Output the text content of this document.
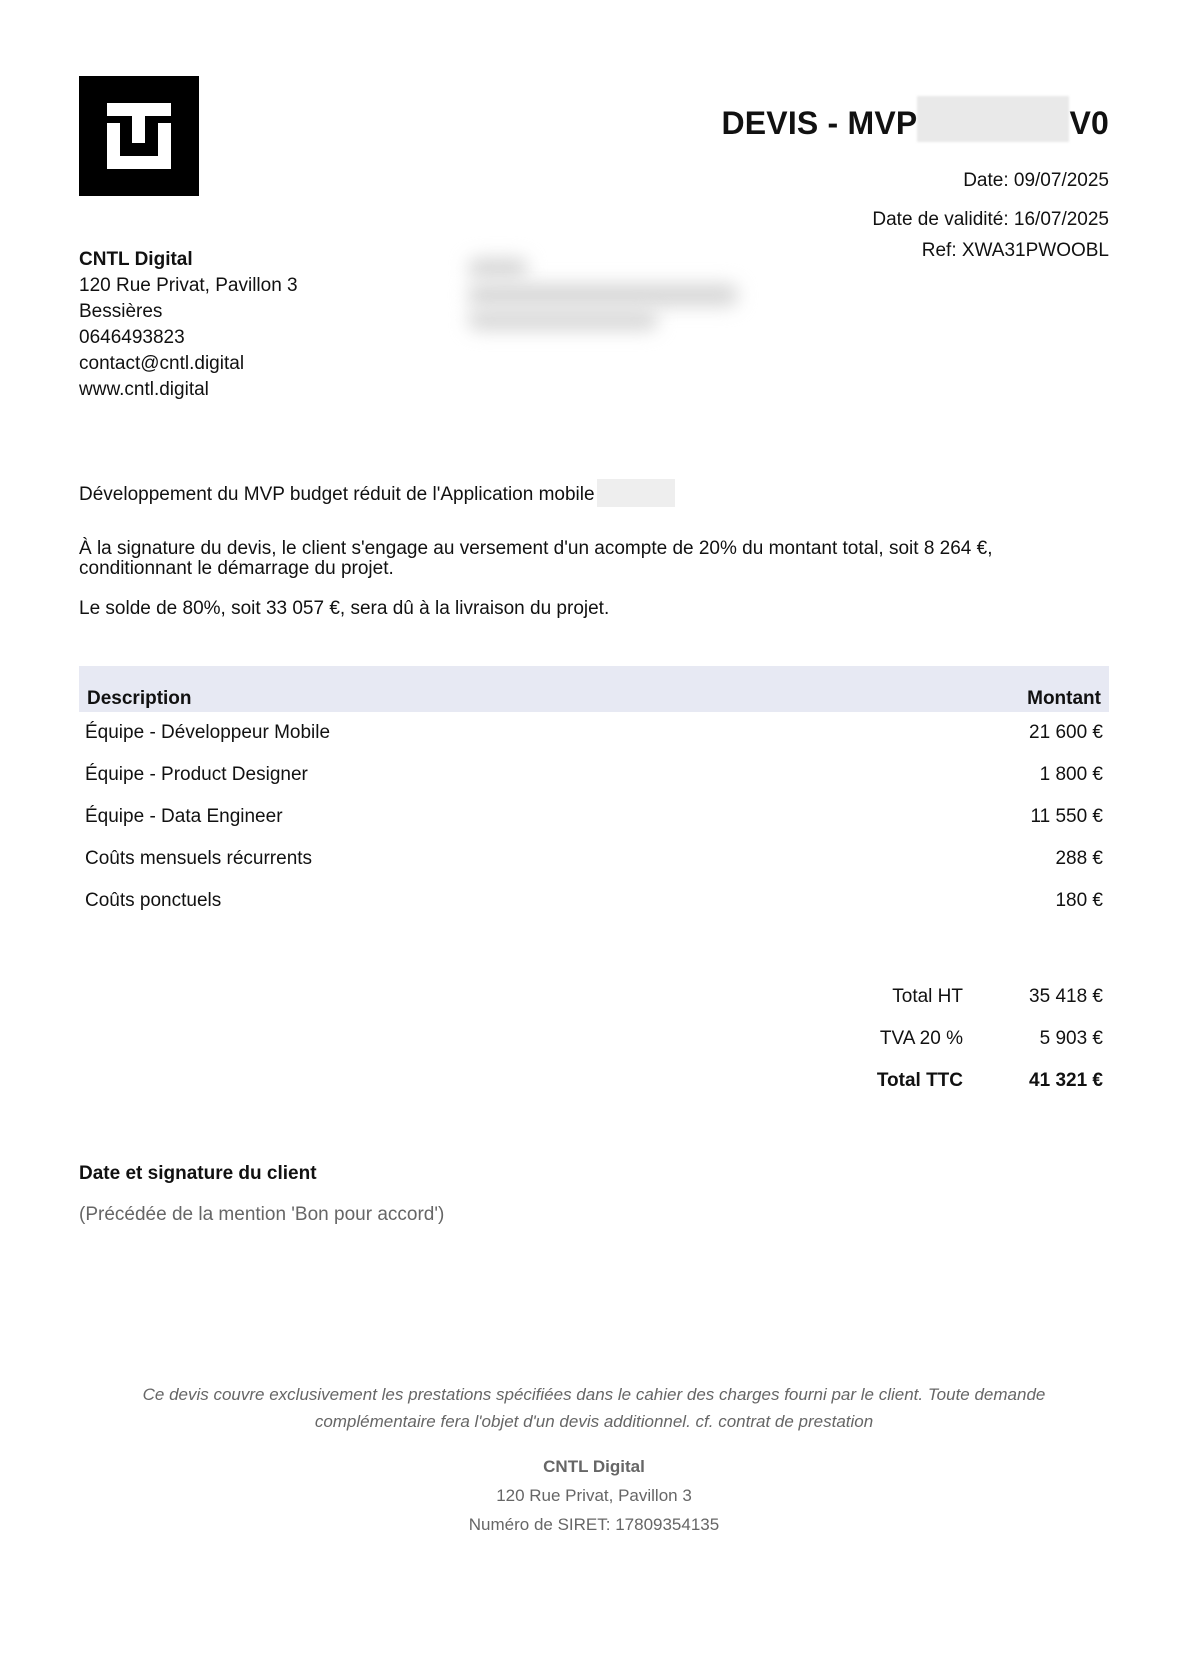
DEVIS - MVP	V0
Date: 09/07/2025
Date de validité: 16/07/2025
Ref: XWA31PWOOBL
CNTL Digital
120 Rue Privat, Pavillon 3
Bessières
0646493823
contact@cntl.digital
www.cntl.digital
Développement du MVP budget réduit de l'Application mobile
À la signature du devis, le client s'engage au versement d'un acompte de 20% du montant total, soit 8 264 €,
conditionnant le démarrage du projet.
Le solde de 80%, soit 33 057 €, sera dû à la livraison du projet.
Description	Montant
Équipe - Développeur Mobile	21 600 €
Équipe - Product Designer	1 800 €
Équipe - Data Engineer	11 550 €
Coûts mensuels récurrents	288 €
Coûts ponctuels	180 €
Total HT	35 418 €
TVA 20 %	5 903 €
Total TTC	41 321 €
Date et signature du client
(Précédée de la mention 'Bon pour accord')
Ce devis couvre exclusivement les prestations spécifiées dans le cahier des charges fourni par le client. Toute demande
complémentaire fera l'objet d'un devis additionnel. cf. contrat de prestation
CNTL Digital
120 Rue Privat, Pavillon 3
Numéro de SIRET: 17809354135
